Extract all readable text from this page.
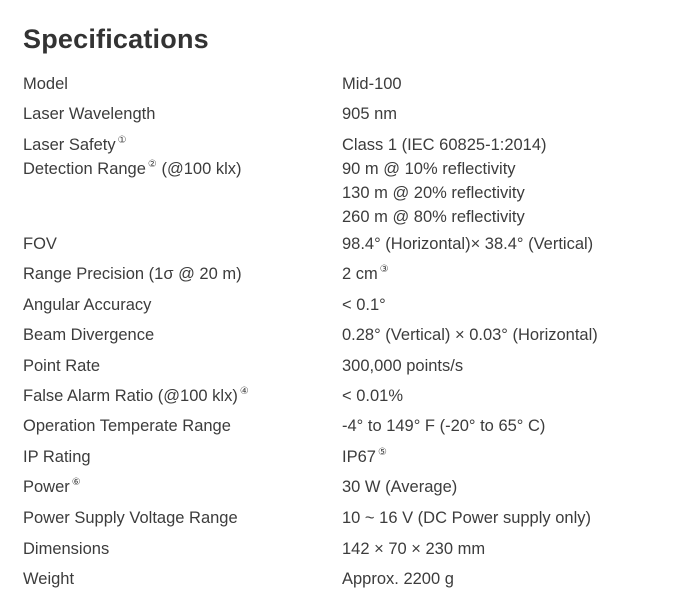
Specifications
Model	Mid-100
Laser Wavelength	905 nm
Laser Safety ①	Class 1 (IEC 60825-1:2014)
Detection Range ② (@100 klx)	90 m @ 10% reflectivity
130 m @ 20% reflectivity
260 m @ 80% reflectivity
FOV	98.4° (Horizontal)× 38.4° (Vertical)
Range Precision (1σ @ 20 m)	2 cm ③
Angular Accuracy	< 0.1°
Beam Divergence	0.28° (Vertical) × 0.03° (Horizontal)
Point Rate	300,000 points/s
False Alarm Ratio (@100 klx) ④	< 0.01%
Operation Temperate Range	-4° to 149° F (-20° to 65° C)
IP Rating	IP67 ⑤
Power ⑥	30 W (Average)
Power Supply Voltage Range	10 ~ 16 V (DC Power supply only)
Dimensions	142 × 70 × 230 mm
Weight	Approx. 2200 g
